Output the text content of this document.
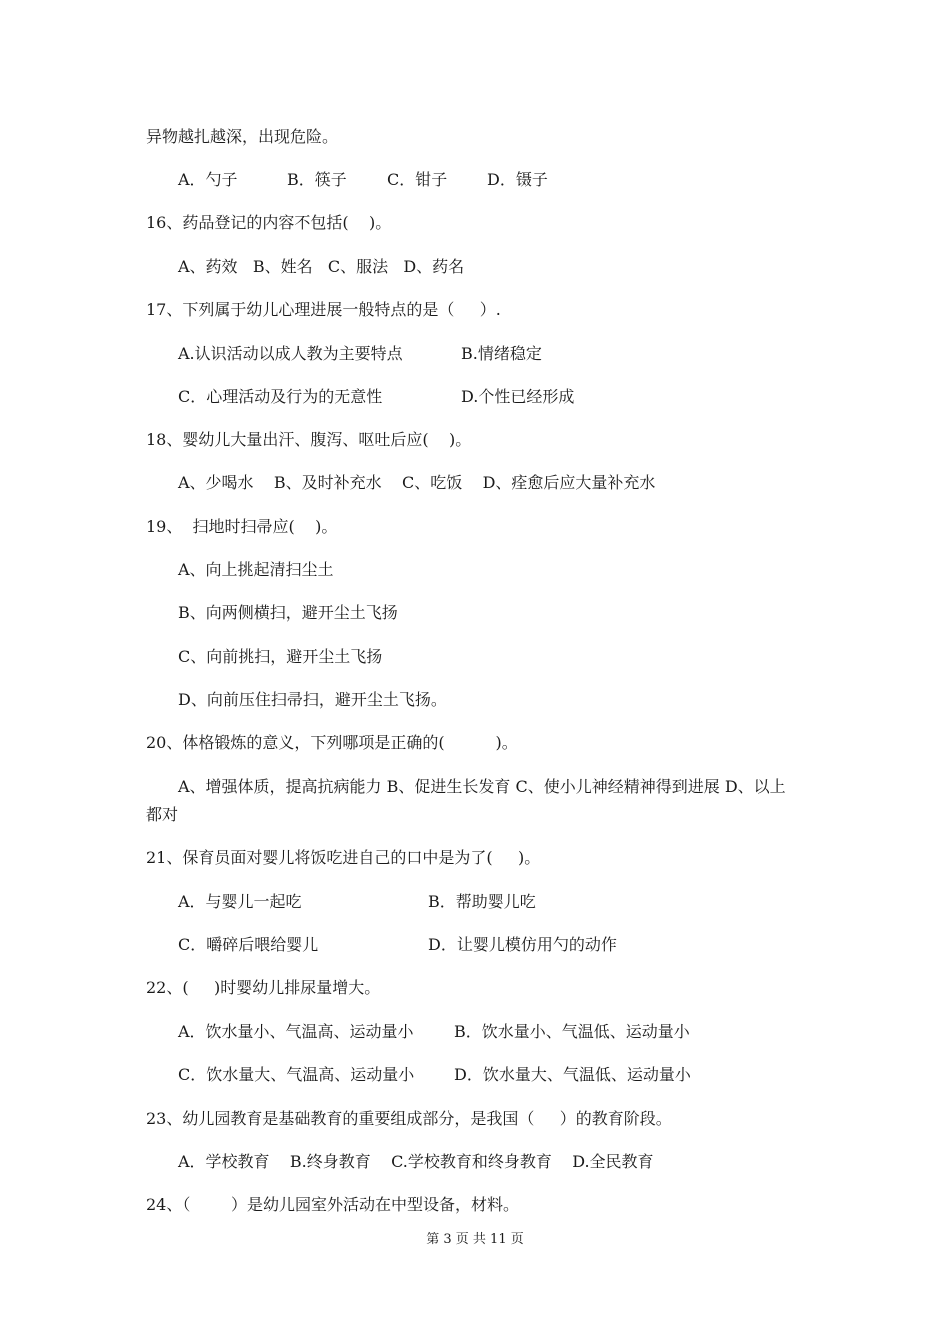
异物越扎越深，出现危险。
A．勺子	B．筷子	C．钳子 D．镊子
16、药品登记的内容不包括(    )。
A、药效   B、姓名   C、服法   D、药名
17、下列属于幼儿心理进展一般特点的是（     ）.
A.认识活动以成人教为主要特点	B.情绪稳定
C．心理活动及行为的无意性	D.个性已经形成
18、婴幼儿大量出汗、腹泻、呕吐后应(    )。
A、少喝水    B、及时补充水    C、吃饭    D、痊愈后应大量补充水
19、  扫地时扫帚应(    )。
A、向上挑起清扫尘土
B、向两侧横扫，避开尘土飞扬
C、向前挑扫，避开尘土飞扬
D、向前压住扫帚扫，避开尘土飞扬。
20、体格锻炼的意义，下列哪项是正确的(          )。
A、增强体质，提高抗病能力 B、促进生长发育 C、使小儿神经精神得到进展 D、以上
都对
21、保育员面对婴儿将饭吃进自己的口中是为了(     )。
A．与婴儿一起吃	B．帮助婴儿吃
C．嚼碎后喂给婴儿	D．让婴儿模仿用勺的动作
22、(     )时婴幼儿排尿量增大。
A．饮水量小、气温高、运动量小	B．饮水量小、气温低、运动量小
C．饮水量大、气温高、运动量小 D．饮水量大、气温低、运动量小
23、幼儿园教育是基础教育的重要组成部分，是我国（     ）的教育阶段。
A．学校教育    B.终身教育    C.学校教育和终身教育    D.全民教育
24、（        ）是幼儿园室外活动在中型设备，材料。
第 3 页 共 11 页
